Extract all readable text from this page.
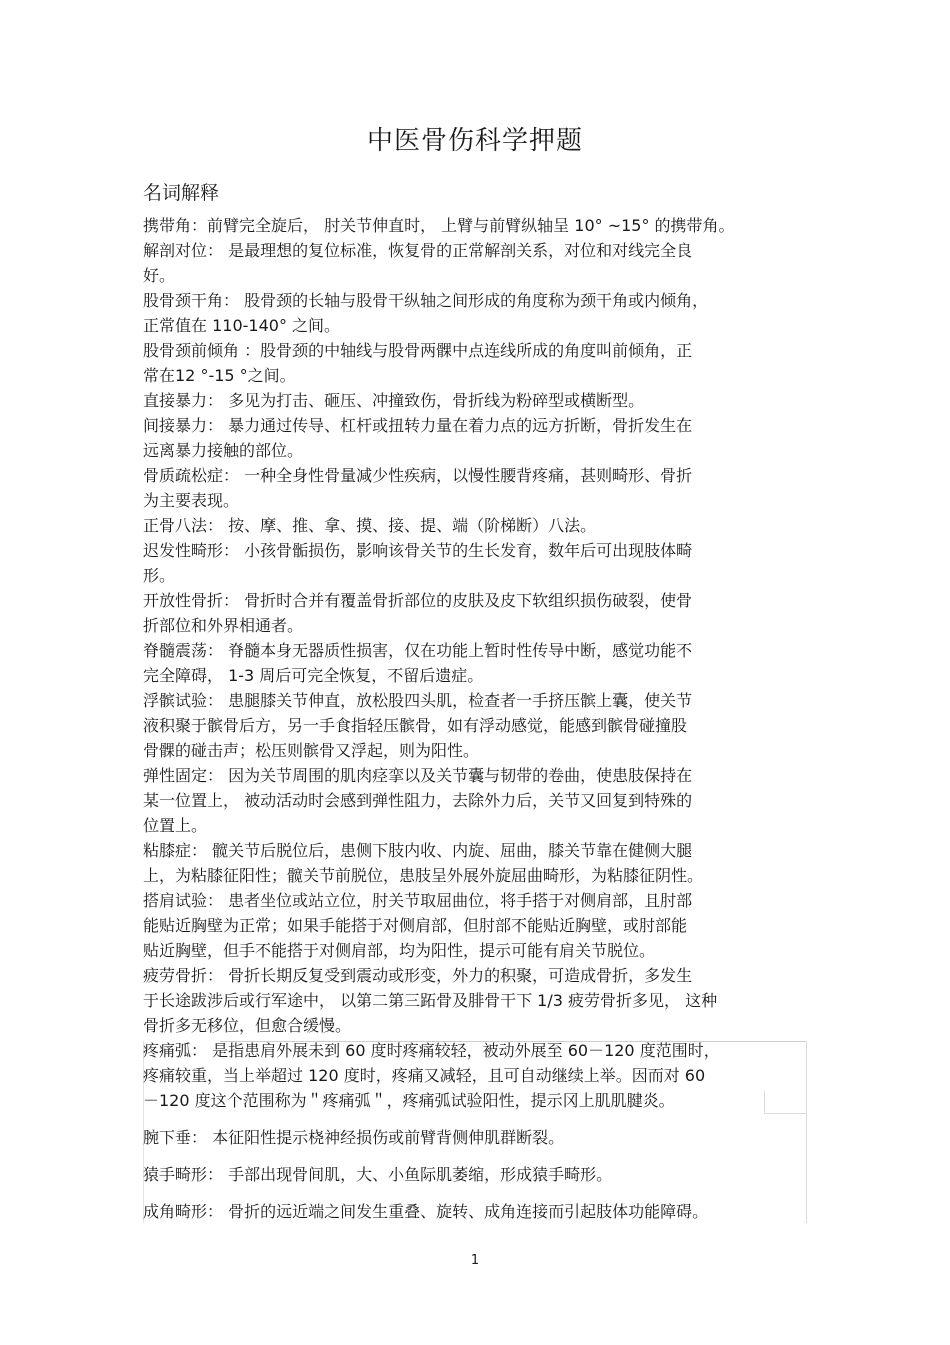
中医骨伤科学押题
名词解释
携带角：前臂完全旋后， 肘关节伸直时， 上臂与前臂纵轴呈 10° ~15° 的携带角。
解剖对位： 是最理想的复位标准，恢复骨的正常解剖关系，对位和对线完全良
好。
股骨颈干角： 股骨颈的长轴与股骨干纵轴之间形成的角度称为颈干角或内倾角，
正常值在 110-140° 之间。
股骨颈前倾角 ：股骨颈的中轴线与股骨两髁中点连线所成的角度叫前倾角，正
常在12 °-15 °之间。
直接暴力： 多见为打击、砸压、冲撞致伤，骨折线为粉碎型或横断型。
间接暴力： 暴力通过传导、杠杆或扭转力量在着力点的远方折断，骨折发生在
远离暴力接触的部位。
骨质疏松症： 一种全身性骨量减少性疾病，以慢性腰背疼痛，甚则畸形、骨折
为主要表现。
正骨八法： 按、摩、推、拿、摸、接、提、端（阶梯断）八法。
迟发性畸形： 小孩骨骺损伤，影响该骨关节的生长发育，数年后可出现肢体畸
形。
开放性骨折： 骨折时合并有覆盖骨折部位的皮肤及皮下软组织损伤破裂，使骨
折部位和外界相通者。
脊髓震荡： 脊髓本身无器质性损害，仅在功能上暂时性传导中断，感觉功能不
完全障碍， 1-3 周后可完全恢复，不留后遗症。
浮髌试验： 患腿膝关节伸直，放松股四头肌，检查者一手挤压髌上囊，使关节
液积聚于髌骨后方，另一手食指轻压髌骨，如有浮动感觉，能感到髌骨碰撞股
骨髁的碰击声；松压则髌骨又浮起，则为阳性。
弹性固定： 因为关节周围的肌肉痉挛以及关节囊与韧带的卷曲，使患肢保持在
某一位置上， 被动活动时会感到弹性阻力，去除外力后，关节又回复到特殊的
位置上。
粘膝症： 髋关节后脱位后，患侧下肢内收、内旋、屈曲，膝关节靠在健侧大腿
上，为粘膝征阳性；髋关节前脱位，患肢呈外展外旋屈曲畸形，为粘膝征阴性。
搭肩试验： 患者坐位或站立位，肘关节取屈曲位，将手搭于对侧肩部，且肘部
能贴近胸壁为正常；如果手能搭于对侧肩部，但肘部不能贴近胸壁，或肘部能
贴近胸壁，但手不能搭于对侧肩部，均为阳性，提示可能有肩关节脱位。
疲劳骨折： 骨折长期反复受到震动或形变，外力的积聚，可造成骨折，多发生
于长途跋涉后或行军途中， 以第二第三跖骨及腓骨干下 1/3 疲劳骨折多见， 这种
骨折多无移位，但愈合缓慢。
疼痛弧： 是指患肩外展未到 60 度时疼痛较轻，被动外展至 60－120 度范围时，
疼痛较重，当上举超过 120 度时，疼痛又减轻，且可自动继续上举。因而对 60
－120 度这个范围称为＂疼痛弧＂，疼痛弧试验阳性，提示冈上肌肌腱炎。
腕下垂： 本征阳性提示桡神经损伤或前臂背侧伸肌群断裂。
猿手畸形： 手部出现骨间肌，大、小鱼际肌萎缩，形成猿手畸形。
成角畸形： 骨折的远近端之间发生重叠、旋转、成角连接而引起肢体功能障碍。
1
